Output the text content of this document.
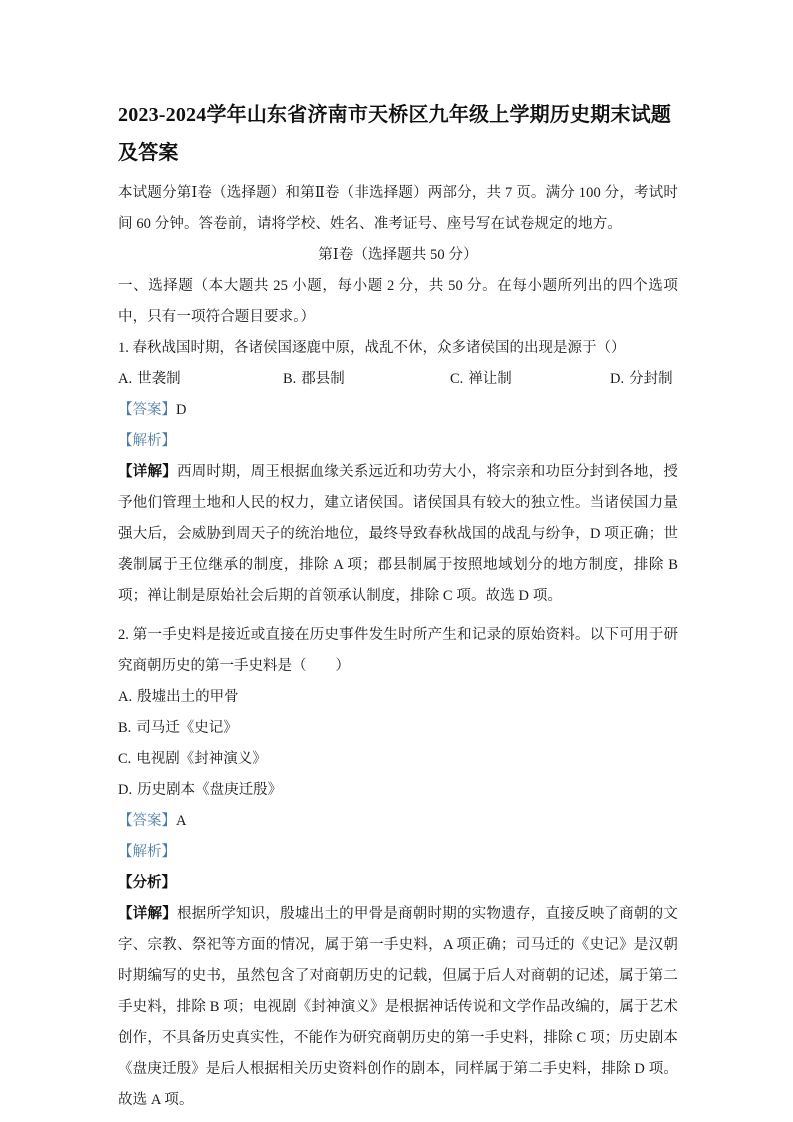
2023-2024学年山东省济南市天桥区九年级上学期历史期末试题及答案

本试题分第Ⅰ卷（选择题）和第Ⅱ卷（非选择题）两部分，共 7 页。满分 100 分，考试时间 60 分钟。答卷前，请将学校、姓名、准考证号、座号写在试卷规定的地方。

第Ⅰ卷（选择题共 50 分）

一、选择题（本大题共 25 小题，每小题 2 分，共 50 分。在每小题所列出的四个选项中，只有一项符合题目要求。）

1. 春秋战国时期，各诸侯国逐鹿中原，战乱不休，众多诸侯国的出现是源于（）

A. 世袭制	B. 郡县制	C. 禅让制	D. 分封制

【答案】D

【解析】

【详解】西周时期，周王根据血缘关系远近和功劳大小，将宗亲和功臣分封到各地，授予他们管理土地和人民的权力，建立诸侯国。诸侯国具有较大的独立性。当诸侯国力量强大后，会威胁到周天子的统治地位，最终导致春秋战国的战乱与纷争，D 项正确；世袭制属于王位继承的制度，排除 A 项；郡县制属于按照地域划分的地方制度，排除 B 项；禅让制是原始社会后期的首领承认制度，排除 C 项。故选 D 项。

2. 第一手史料是接近或直接在历史事件发生时所产生和记录的原始资料。以下可用于研究商朝历史的第一手史料是（　　）

A. 殷墟出土的甲骨
B. 司马迁《史记》
C. 电视剧《封神演义》
D. 历史剧本《盘庚迁殷》

【答案】A

【解析】

【分析】

【详解】根据所学知识，殷墟出土的甲骨是商朝时期的实物遗存，直接反映了商朝的文字、宗教、祭祀等方面的情况，属于第一手史料，A 项正确；司马迁的《史记》是汉朝时期编写的史书，虽然包含了对商朝历史的记载，但属于后人对商朝的记述，属于第二手史料，排除 B 项；电视剧《封神演义》是根据神话传说和文学作品改编的，属于艺术创作，不具备历史真实性，不能作为研究商朝历史的第一手史料，排除 C 项；历史剧本《盘庚迁殷》是后人根据相关历史资料创作的剧本，同样属于第二手史料，排除 D 项。故选 A 项。
